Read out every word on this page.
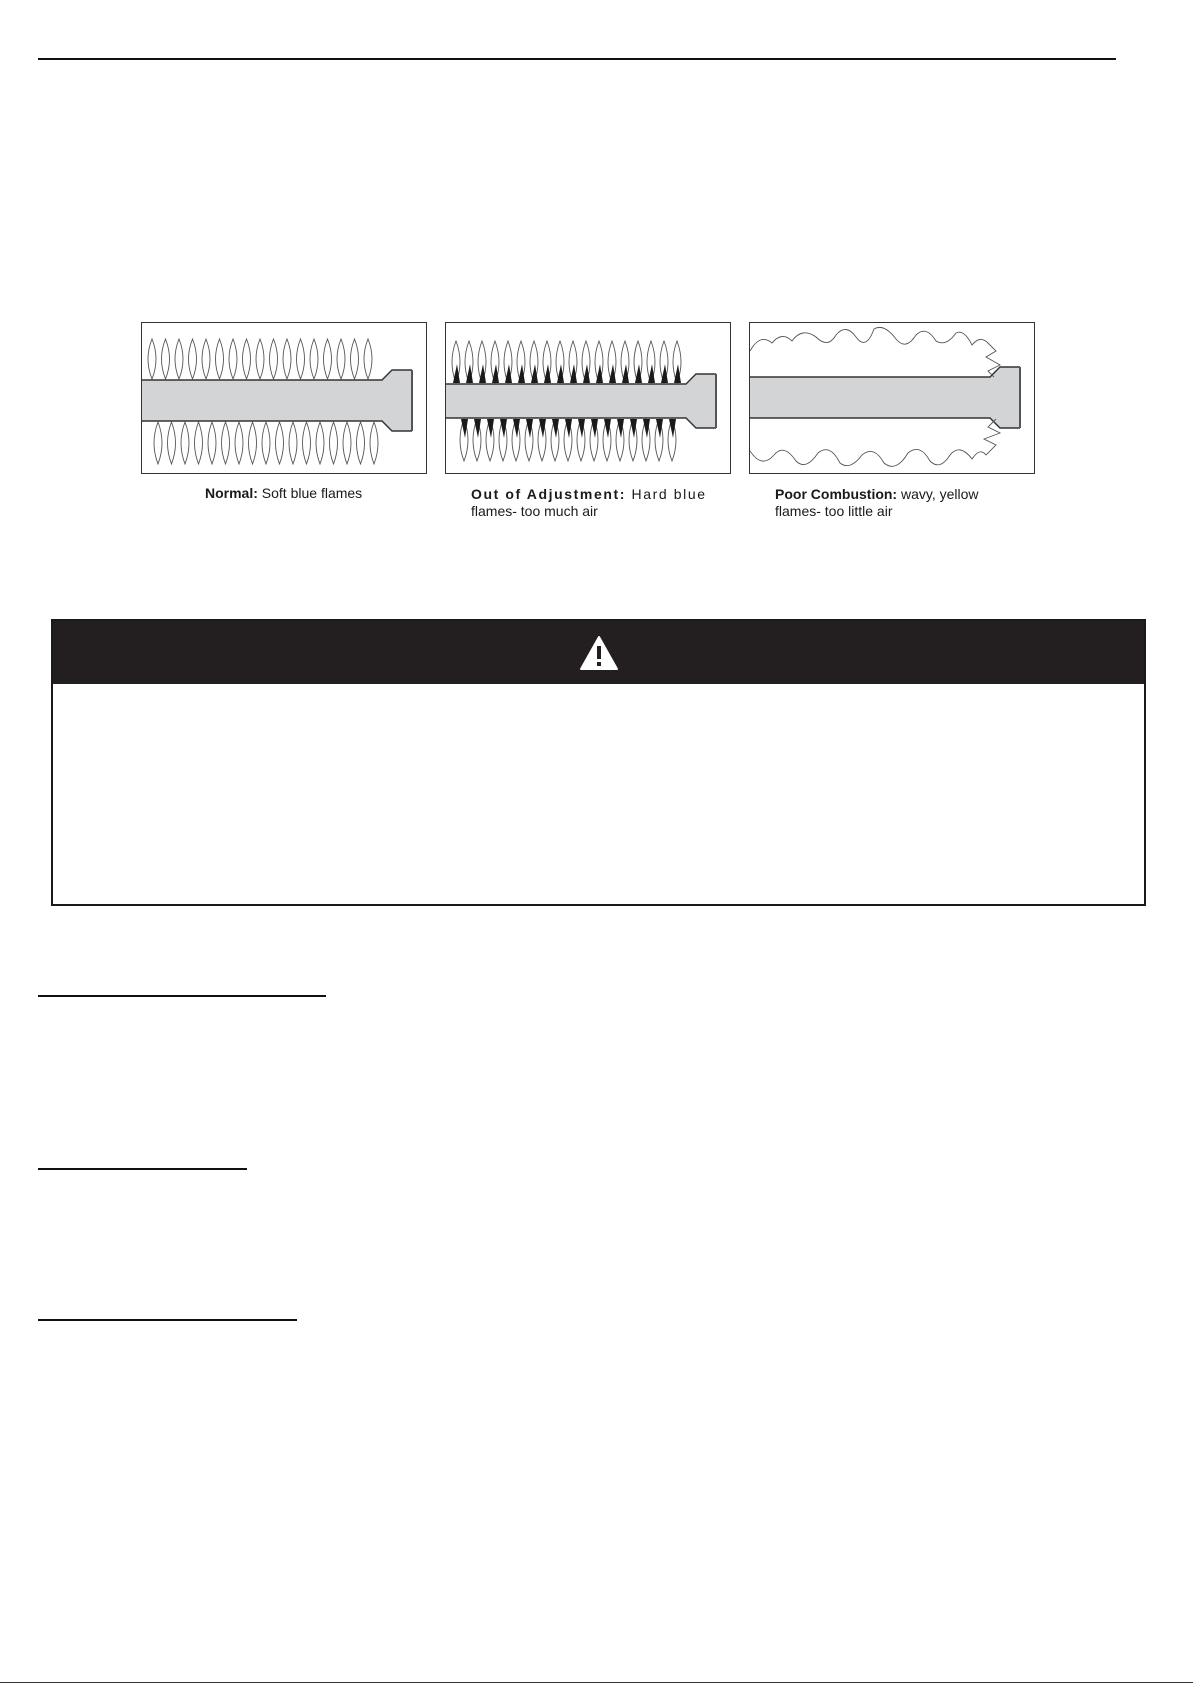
Normal: Soft blue flames	Out of Adjustment: Hard blue
flames- too much air
Poor Combustion: wavy, yellow
flames- too little air
